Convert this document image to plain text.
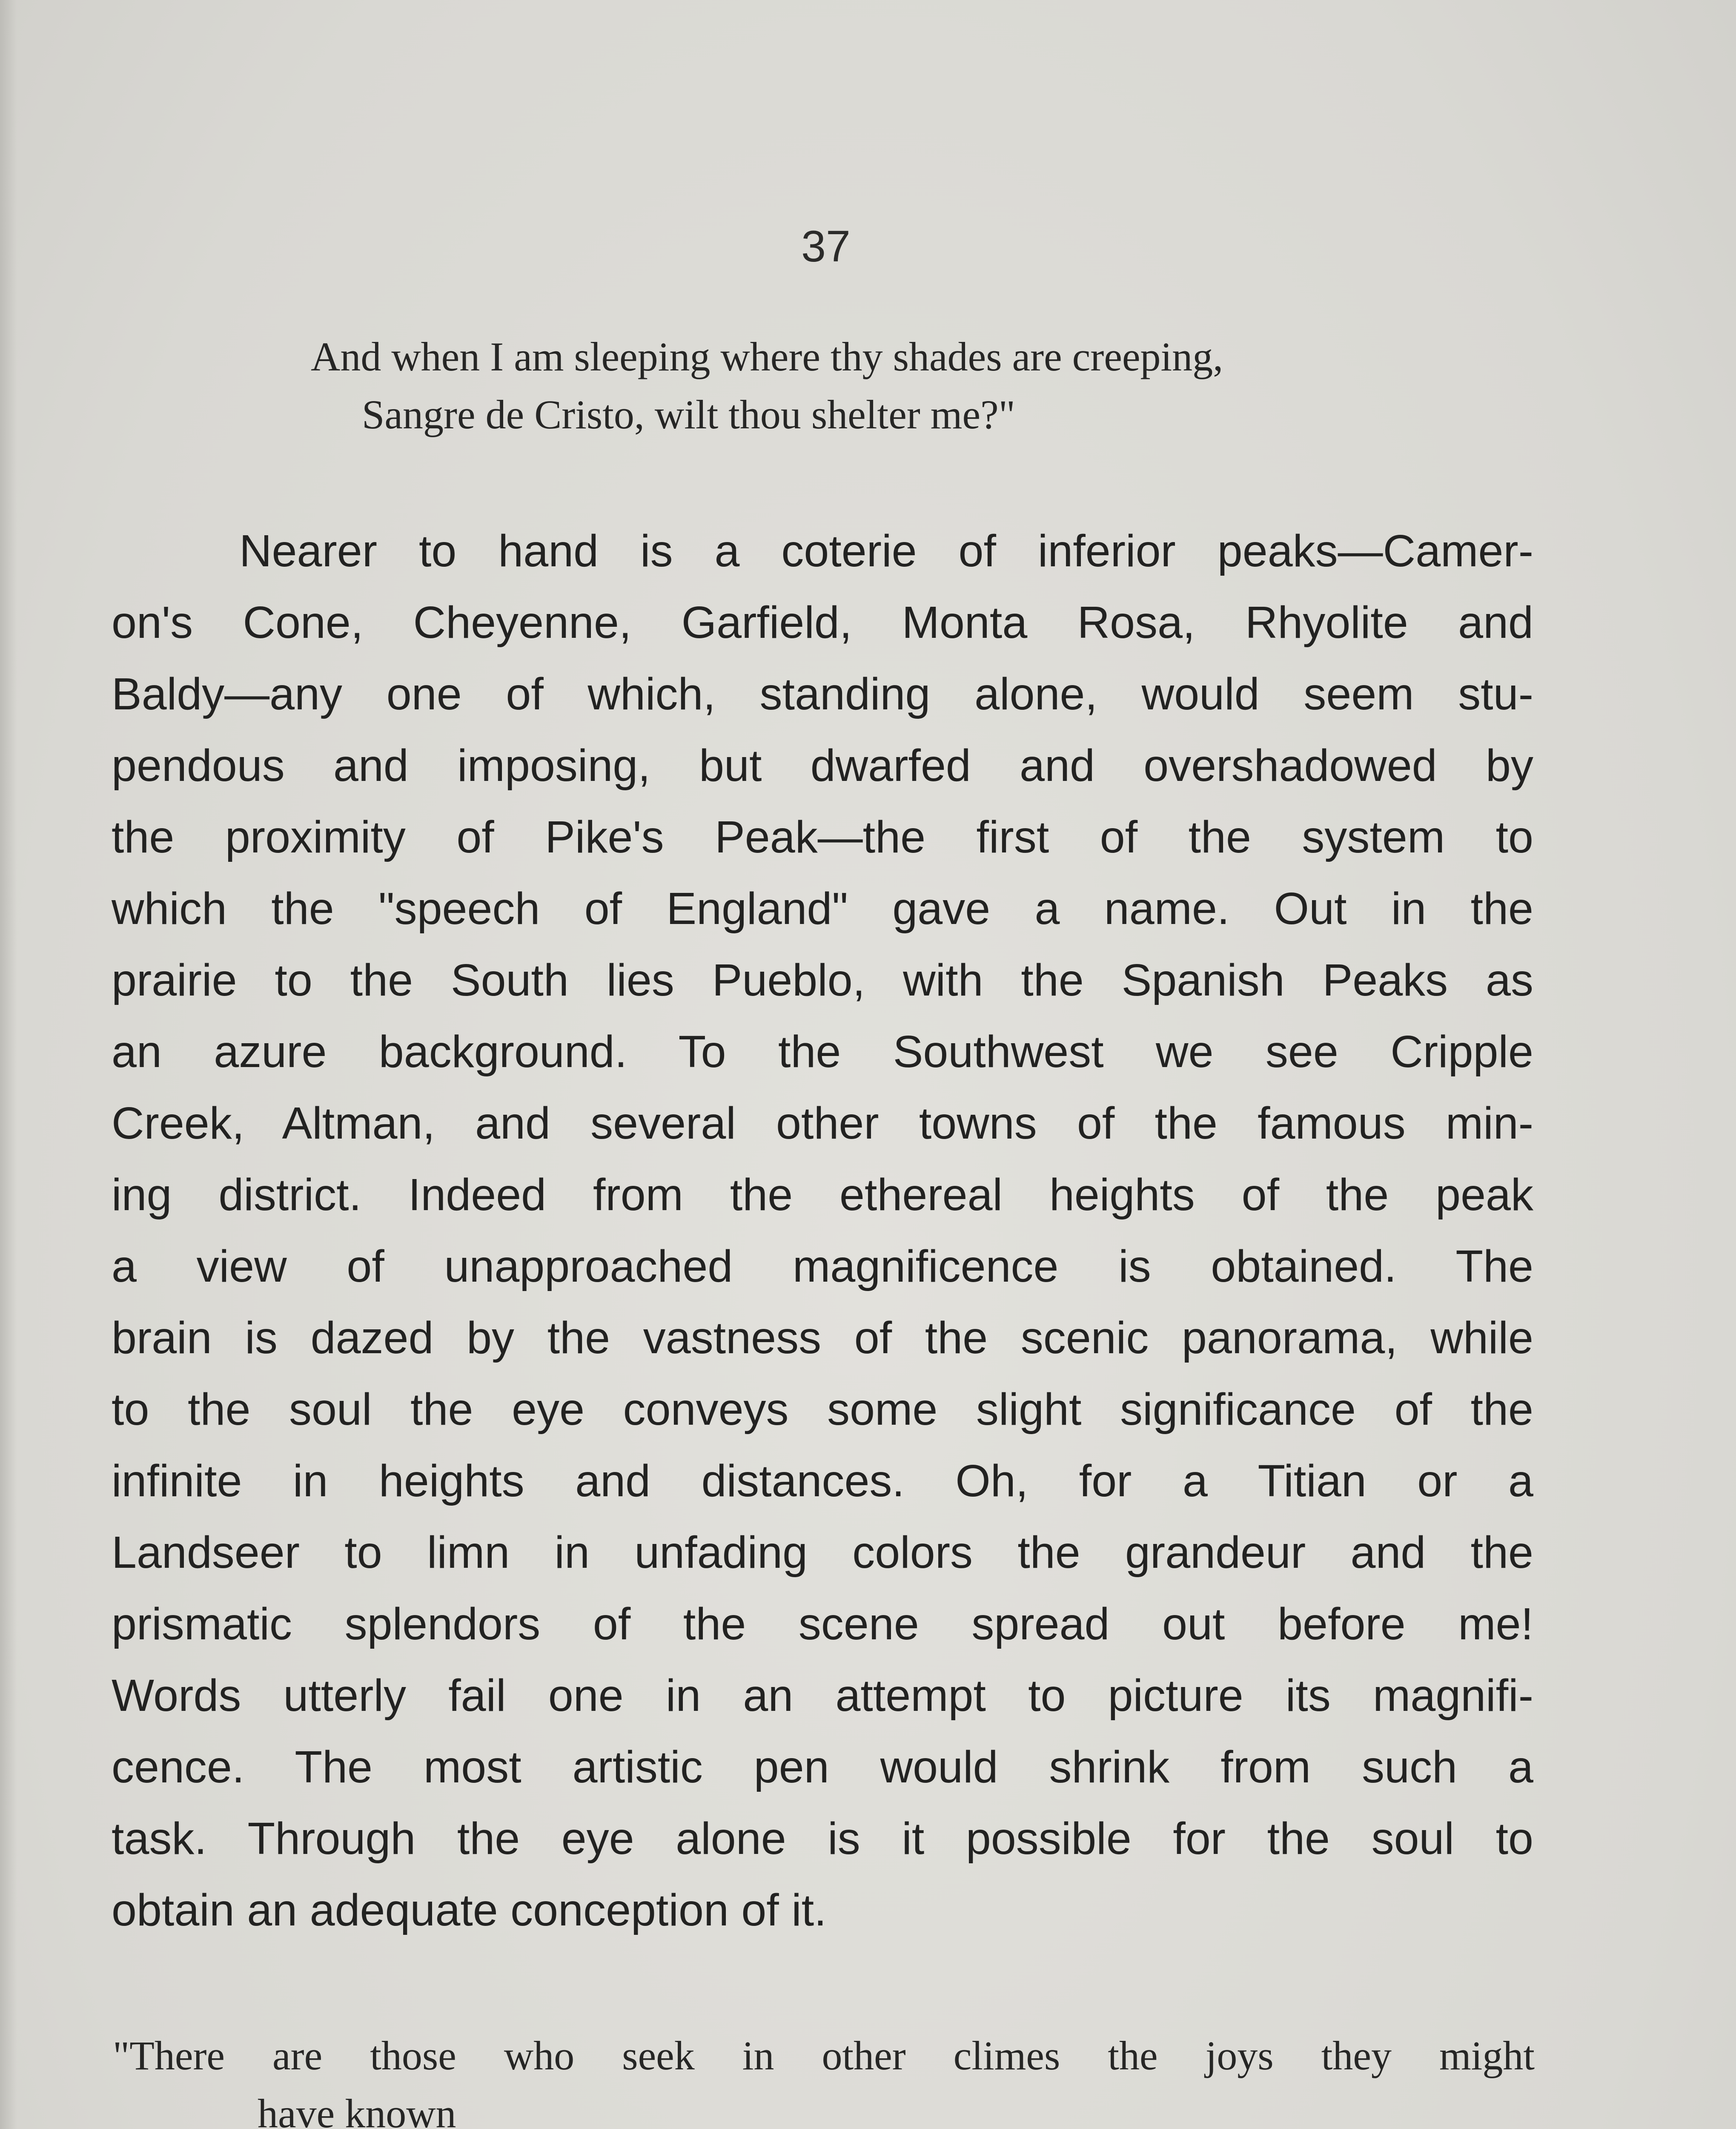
37
And when I am sleeping where thy shades are creeping,
Sangre de Cristo, wilt thou shelter me?"
Nearer to hand is a coterie of inferior peaks—Camer-
on's Cone, Cheyenne, Garfield, Monta Rosa, Rhyolite and
Baldy—any one of which, standing alone, would seem stu-
pendous and imposing, but dwarfed and overshadowed by
the proximity of Pike's Peak—the first of the system to
which the "speech of England" gave a name. Out in the
prairie to the South lies Pueblo, with the Spanish Peaks as
an azure background. To the Southwest we see Cripple
Creek, Altman, and several other towns of the famous min-
ing district. Indeed from the ethereal heights of the peak
a view of unapproached magnificence is obtained. The
brain is dazed by the vastness of the scenic panorama, while
to the soul the eye conveys some slight significance of the
infinite in heights and distances. Oh, for a Titian or a
Landseer to limn in unfading colors the grandeur and the
prismatic splendors of the scene spread out before me!
Words utterly fail one in an attempt to picture its magnifi-
cence. The most artistic pen would shrink from such a
task. Through the eye alone is it possible for the soul to
obtain an adequate conception of it.
"There are those who seek in other climes the joys they might
have known
